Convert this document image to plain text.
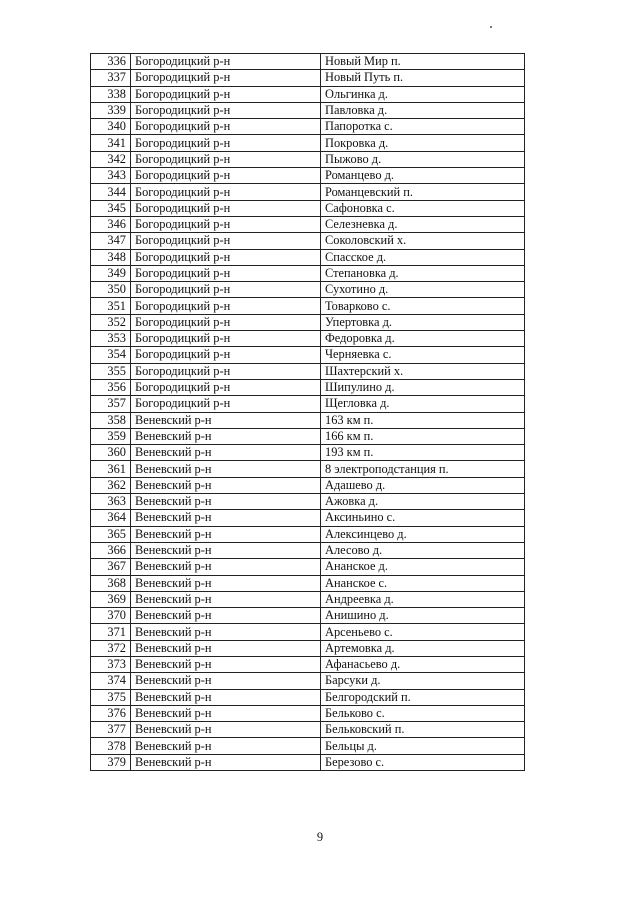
336	Богородицкий р-н	Новый Мир п.
337	Богородицкий р-н	Новый Путь п.
338	Богородицкий р-н	Ольгинка д.
339	Богородицкий р-н	Павловка д.
340	Богородицкий р-н	Папоротка с.
341	Богородицкий р-н	Покровка д.
342	Богородицкий р-н	Пыжово д.
343	Богородицкий р-н	Романцево д.
344	Богородицкий р-н	Романцевский п.
345	Богородицкий р-н	Сафоновка с.
346	Богородицкий р-н	Селезневка д.
347	Богородицкий р-н	Соколовский х.
348	Богородицкий р-н	Спасское д.
349	Богородицкий р-н	Степановка д.
350	Богородицкий р-н	Сухотино д.
351	Богородицкий р-н	Товарково с.
352	Богородицкий р-н	Упертовка д.
353	Богородицкий р-н	Федоровка д.
354	Богородицкий р-н	Черняевка с.
355	Богородицкий р-н	Шахтерский х.
356	Богородицкий р-н	Шипулино д.
357	Богородицкий р-н	Щегловка д.
358	Веневский р-н	163 км п.
359	Веневский р-н	166 км п.
360	Веневский р-н	193 км п.
361	Веневский р-н	8 электроподстанция п.
362	Веневский р-н	Адашево д.
363	Веневский р-н	Ажовка д.
364	Веневский р-н	Аксиньино с.
365	Веневский р-н	Алексинцево д.
366	Веневский р-н	Алесово д.
367	Веневский р-н	Ананское д.
368	Веневский р-н	Ананское с.
369	Веневский р-н	Андреевка д.
370	Веневский р-н	Анишино д.
371	Веневский р-н	Арсеньево с.
372	Веневский р-н	Артемовка д.
373	Веневский р-н	Афанасьево д.
374	Веневский р-н	Барсуки д.
375	Веневский р-н	Белгородский п.
376	Веневский р-н	Бельково с.
377	Веневский р-н	Бельковский п.
378	Веневский р-н	Бельцы д.
379	Веневский р-н	Березово с.
9
